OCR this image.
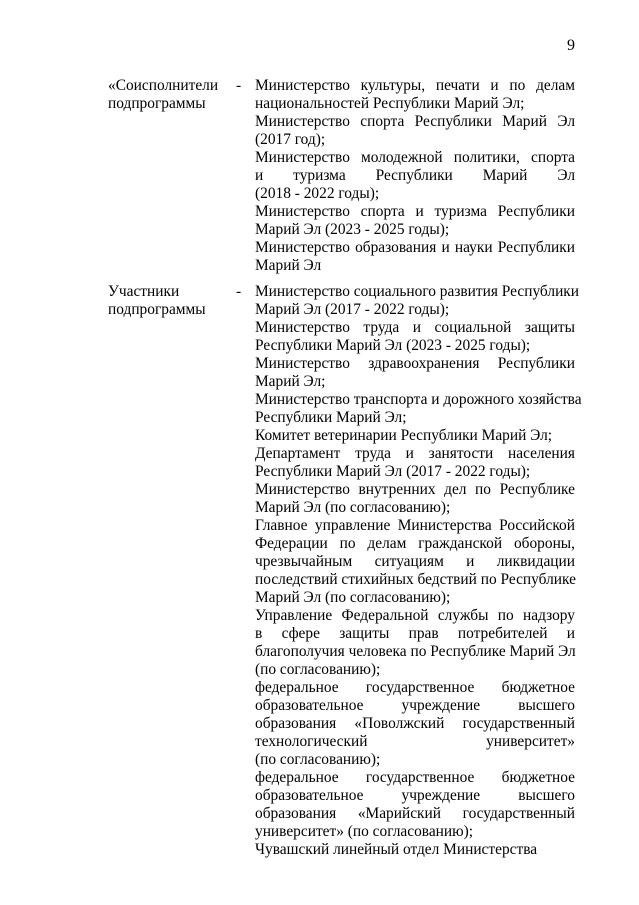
9
«Соисполнители
подпрограммы
- Министерство культуры, печати и по делам
национальностей Республики Марий Эл;
Министерство спорта Республики Марий Эл
(2017 год);
Министерство молодежной политики, спорта
и туризма Республики Марий Эл
(2018 - 2022 годы);
Министерство спорта и туризма Республики
Марий Эл (2023 - 2025 годы);
Министерство образования и науки Республики
Марий Эл
Участники
подпрограммы
- Министерство социального развития Республики
Марий Эл (2017 - 2022 годы);
Министерство труда и социальной защиты
Республики Марий Эл (2023 - 2025 годы);
Министерство здравоохранения Республики
Марий Эл;
Министерство транспорта и дорожного хозяйства
Республики Марий Эл;
Комитет ветеринарии Республики Марий Эл;
Департамент труда и занятости населения
Республики Марий Эл (2017 - 2022 годы);
Министерство внутренних дел по Республике
Марий Эл (по согласованию);
Главное управление Министерства Российской
Федерации по делам гражданской обороны,
чрезвычайным ситуациям и ликвидации
последствий стихийных бедствий по Республике
Марий Эл (по согласованию);
Управление Федеральной службы по надзору
в сфере защиты прав потребителей и
благополучия человека по Республике Марий Эл
(по согласованию);
федеральное государственное бюджетное
образовательное учреждение высшего
образования «Поволжский государственный
технологический университет»
(по согласованию);
федеральное государственное бюджетное
образовательное учреждение высшего
образования «Марийский государственный
университет» (по согласованию);
Чувашский линейный отдел Министерства
